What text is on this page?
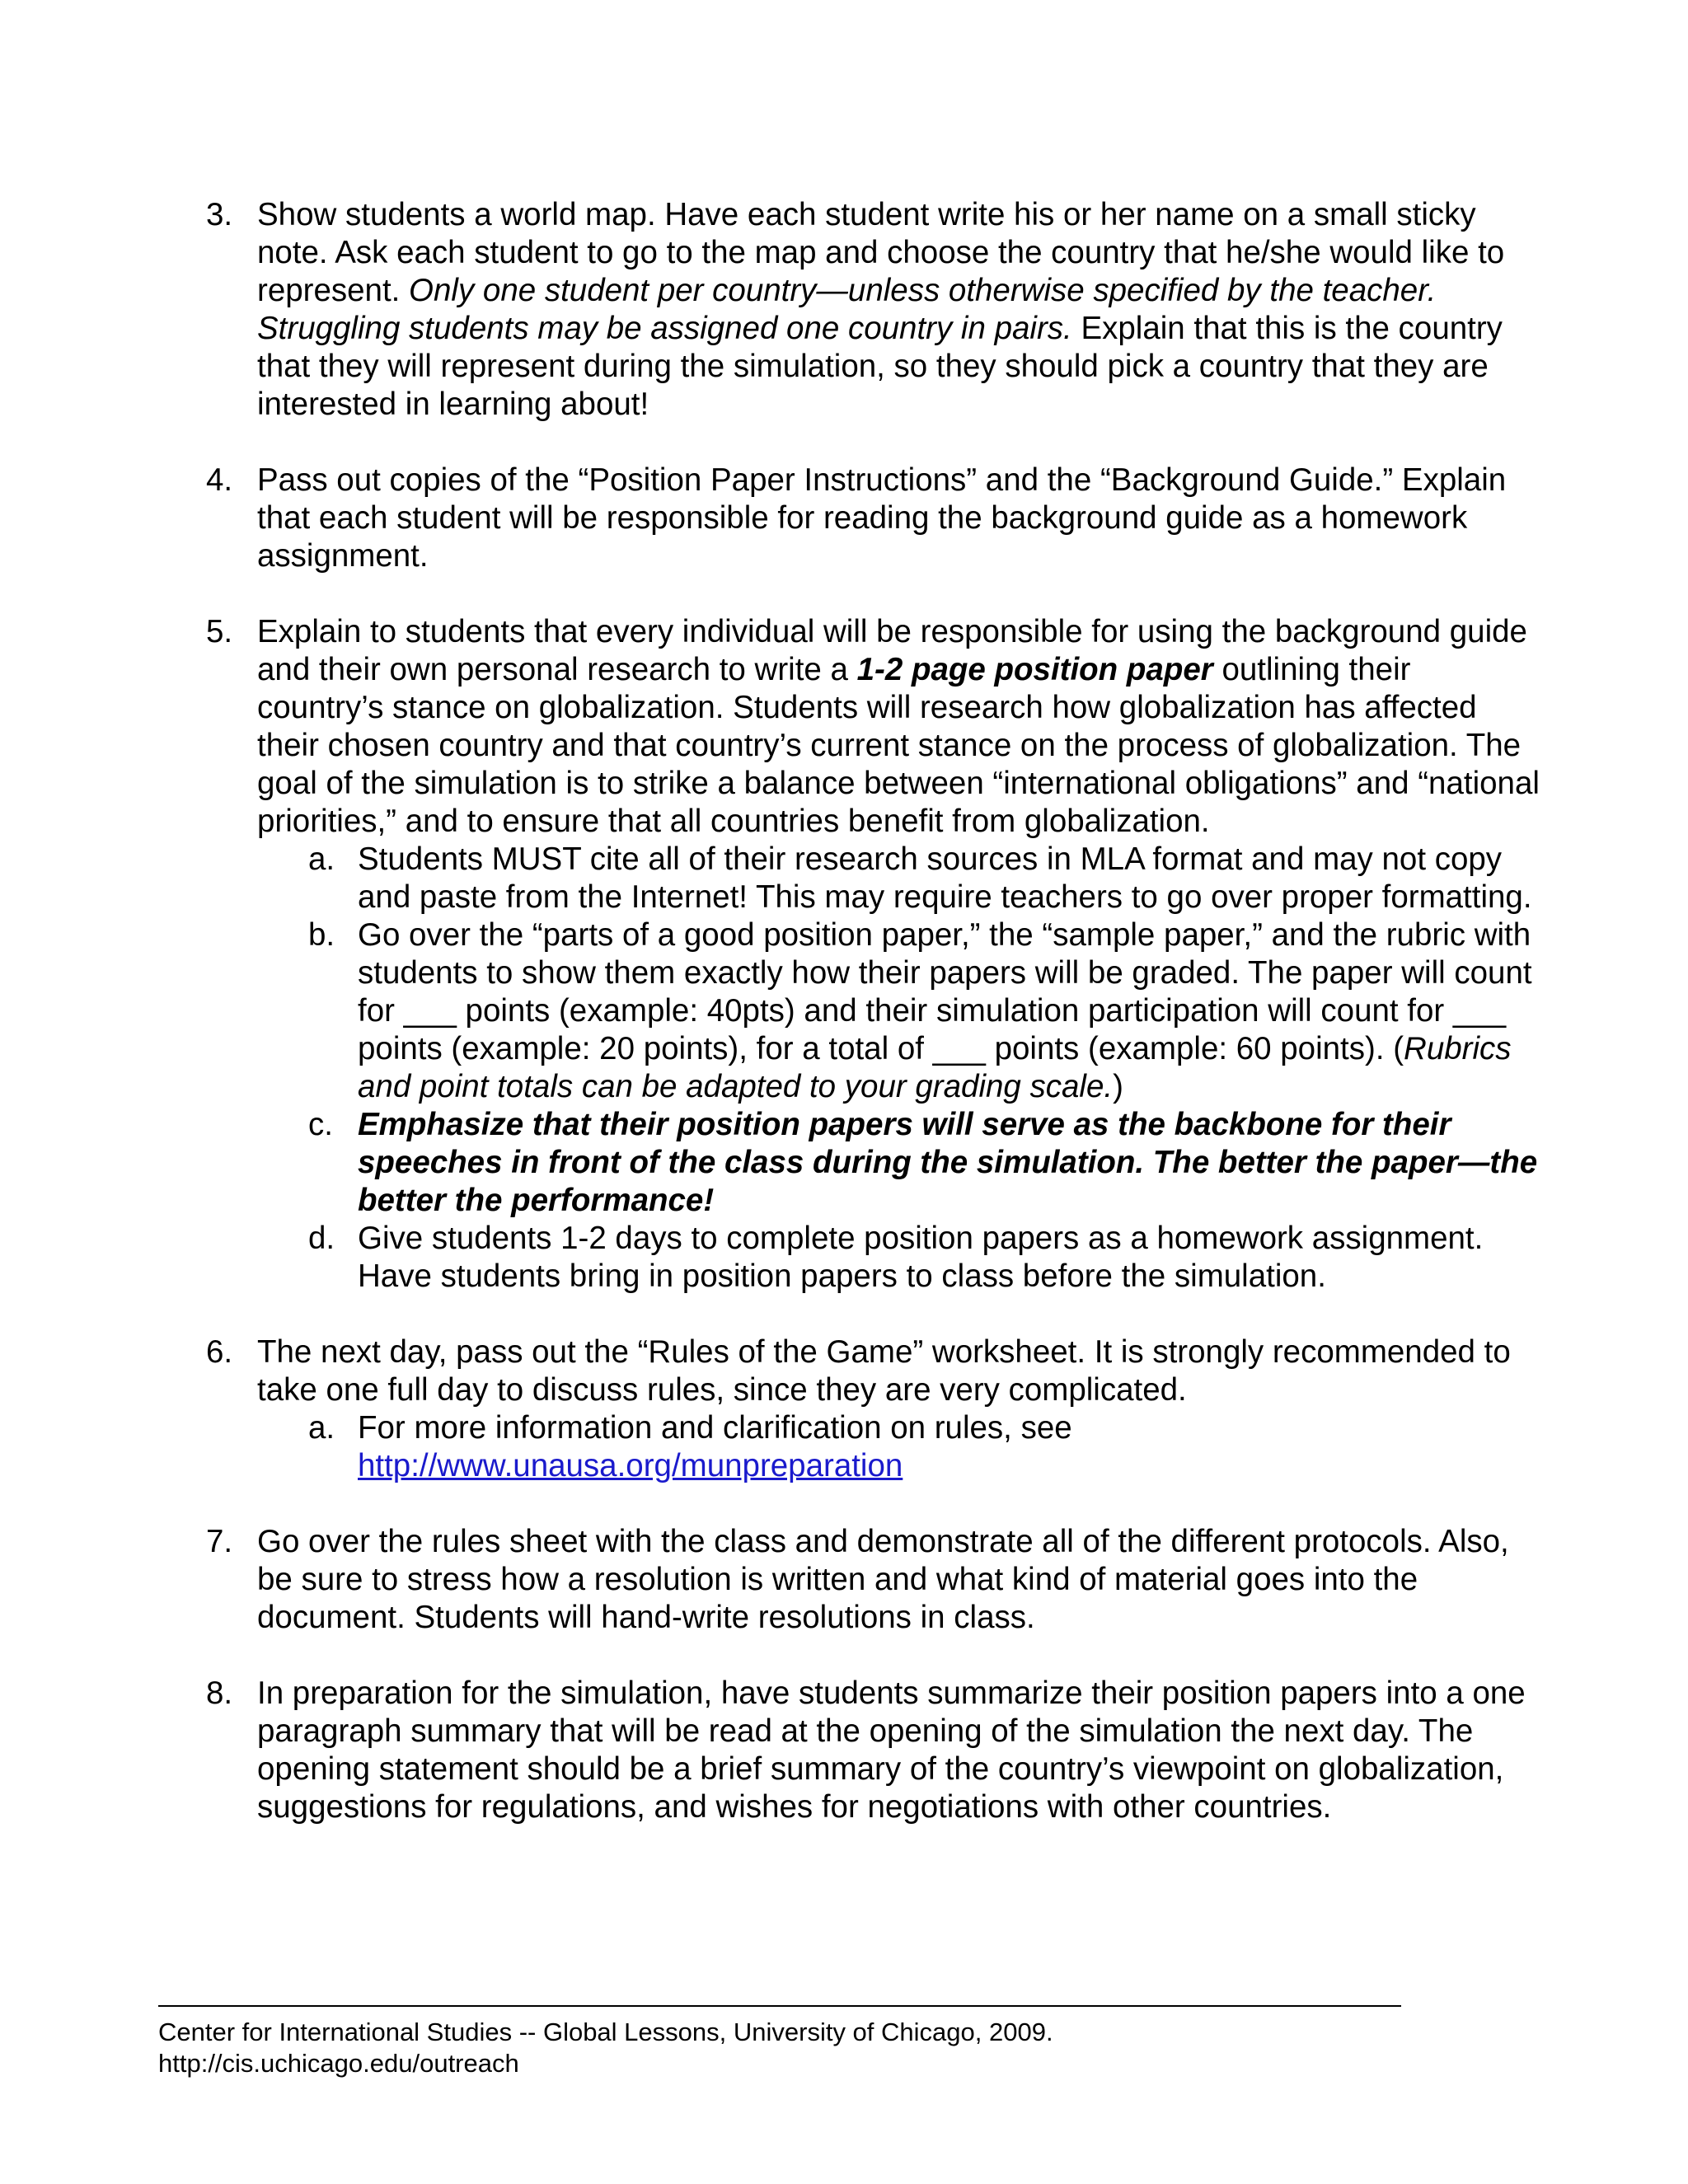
3. Show students a world map. Have each student write his or her name on a small sticky note. Ask each student to go to the map and choose the country that he/she would like to represent. Only one student per country—unless otherwise specified by the teacher. Struggling students may be assigned one country in pairs. Explain that this is the country that they will represent during the simulation, so they should pick a country that they are interested in learning about!
4. Pass out copies of the “Position Paper Instructions” and the “Background Guide.” Explain that each student will be responsible for reading the background guide as a homework assignment.
5. Explain to students that every individual will be responsible for using the background guide and their own personal research to write a 1-2 page position paper outlining their country’s stance on globalization. Students will research how globalization has affected their chosen country and that country’s current stance on the process of globalization. The goal of the simulation is to strike a balance between “international obligations” and “national priorities,” and to ensure that all countries benefit from globalization.
a. Students MUST cite all of their research sources in MLA format and may not copy and paste from the Internet! This may require teachers to go over proper formatting.
b. Go over the “parts of a good position paper,” the “sample paper,” and the rubric with students to show them exactly how their papers will be graded. The paper will count for ___ points (example: 40pts) and their simulation participation will count for ___ points (example: 20 points), for a total of ___ points (example: 60 points). (Rubrics and point totals can be adapted to your grading scale.)
c. Emphasize that their position papers will serve as the backbone for their speeches in front of the class during the simulation. The better the paper—the better the performance!
d. Give students 1-2 days to complete position papers as a homework assignment. Have students bring in position papers to class before the simulation.
6. The next day, pass out the “Rules of the Game” worksheet. It is strongly recommended to take one full day to discuss rules, since they are very complicated.
a. For more information and clarification on rules, see
http://www.unausa.org/munpreparation
7. Go over the rules sheet with the class and demonstrate all of the different protocols. Also, be sure to stress how a resolution is written and what kind of material goes into the document. Students will hand-write resolutions in class.
8. In preparation for the simulation, have students summarize their position papers into a one paragraph summary that will be read at the opening of the simulation the next day. The opening statement should be a brief summary of the country’s viewpoint on globalization, suggestions for regulations, and wishes for negotiations with other countries.
Center for International Studies -- Global Lessons, University of Chicago, 2009.
http://cis.uchicago.edu/outreach
